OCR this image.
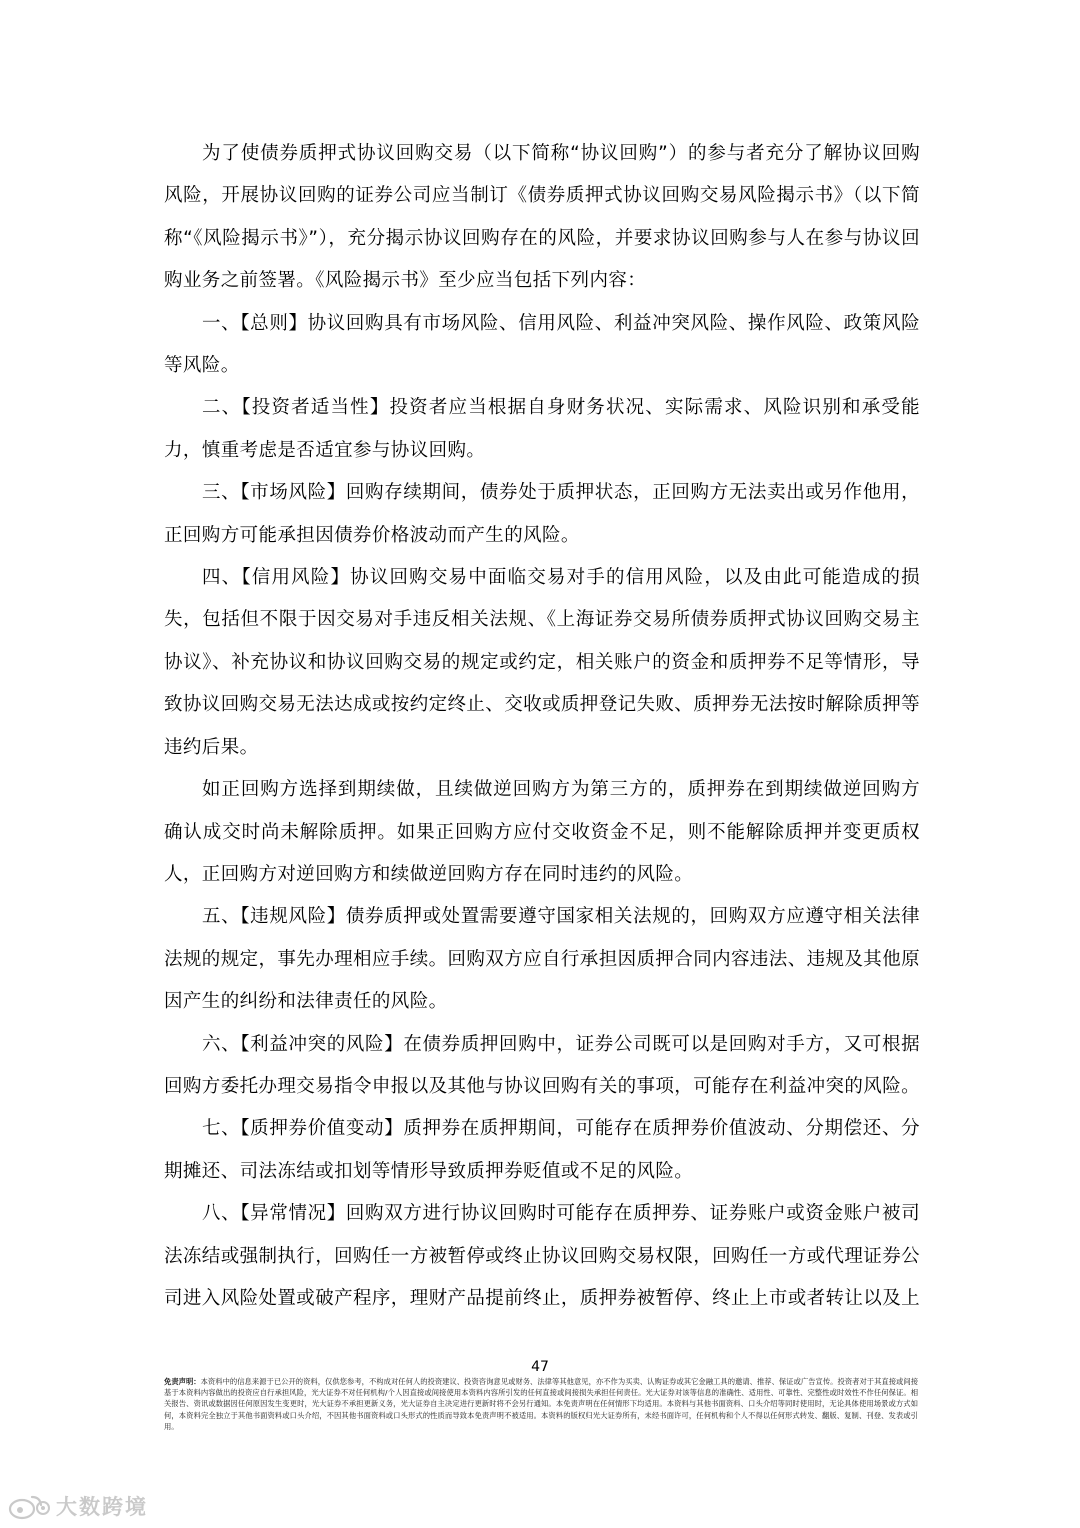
为了使债券质押式协议回购交易（以下简称“协议回购”）的参与者充分了解协议回购风险，开展协议回购的证券公司应当制订《债券质押式协议回购交易风险揭示书》（以下简称“《风险揭示书》”），充分揭示协议回购存在的风险，并要求协议回购参与人在参与协议回购业务之前签署。《风险揭示书》至少应当包括下列内容：

一、【总则】协议回购具有市场风险、信用风险、利益冲突风险、操作风险、政策风险等风险。

二、【投资者适当性】投资者应当根据自身财务状况、实际需求、风险识别和承受能力，慎重考虑是否适宜参与协议回购。

三、【市场风险】回购存续期间，债券处于质押状态，正回购方无法卖出或另作他用，正回购方可能承担因债券价格波动而产生的风险。

四、【信用风险】协议回购交易中面临交易对手的信用风险，以及由此可能造成的损失，包括但不限于因交易对手违反相关法规、《上海证券交易所债券质押式协议回购交易主协议》、补充协议和协议回购交易的规定或约定，相关账户的资金和质押券不足等情形，导致协议回购交易无法达成或按约定终止、交收或质押登记失败、质押券无法按时解除质押等违约后果。

如正回购方选择到期续做，且续做逆回购方为第三方的，质押券在到期续做逆回购方确认成交时尚未解除质押。如果正回购方应付交收资金不足，则不能解除质押并变更质权人，正回购方对逆回购方和续做逆回购方存在同时违约的风险。

五、【违规风险】债券质押或处置需要遵守国家相关法规的，回购双方应遵守相关法律法规的规定，事先办理相应手续。回购双方应自行承担因质押合同内容违法、违规及其他原因产生的纠纷和法律责任的风险。

六、【利益冲突的风险】在债券质押回购中，证券公司既可以是回购对手方，又可根据回购方委托办理交易指令申报以及其他与协议回购有关的事项，可能存在利益冲突的风险。

七、【质押券价值变动】质押券在质押期间，可能存在质押券价值波动、分期偿还、分期摊还、司法冻结或扣划等情形导致质押券贬值或不足的风险。

八、【异常情况】回购双方进行协议回购时可能存在质押券、证券账户或资金账户被司法冻结或强制执行，回购任一方被暂停或终止协议回购交易权限，回购任一方或代理证券公司进入风险处置或破产程序，理财产品提前终止，质押券被暂停、终止上市或者转让以及上

47
免责声明：本资料中的信息来源于已公开的资料，仅供您参考，不构成对任何人的投资建议、投资咨询意见或财务、法律等其他意见，亦不作为买卖、认购证券或其它金融工具的邀请、推荐、保证或广告宣传。投资者对于其直接或间接基于本资料内容做出的投资应自行承担风险，光大证券不对任何机构/个人因直接或间接使用本资料内容所引发的任何直接或间接损失承担任何责任。光大证券对该等信息的准确性、适用性、可靠性、完整性或时效性不作任何保证。相关报告、资讯或数据因任何原因发生变更时，光大证券不承担更新义务，光大证券自主决定进行更新时将不会另行通知。本免责声明在任何情形下均适用。本资料与其他书面资料、口头介绍等同时使用时，无论具体使用场景或方式如何，本资料完全独立于其他书面资料或口头介绍，不因其他书面资料或口头形式的性质而导致本免责声明不被适用。本资料的版权归光大证券所有，未经书面许可，任何机构和个人不得以任何形式转发、翻版、复制、刊登、发表或引用。
大数跨境
